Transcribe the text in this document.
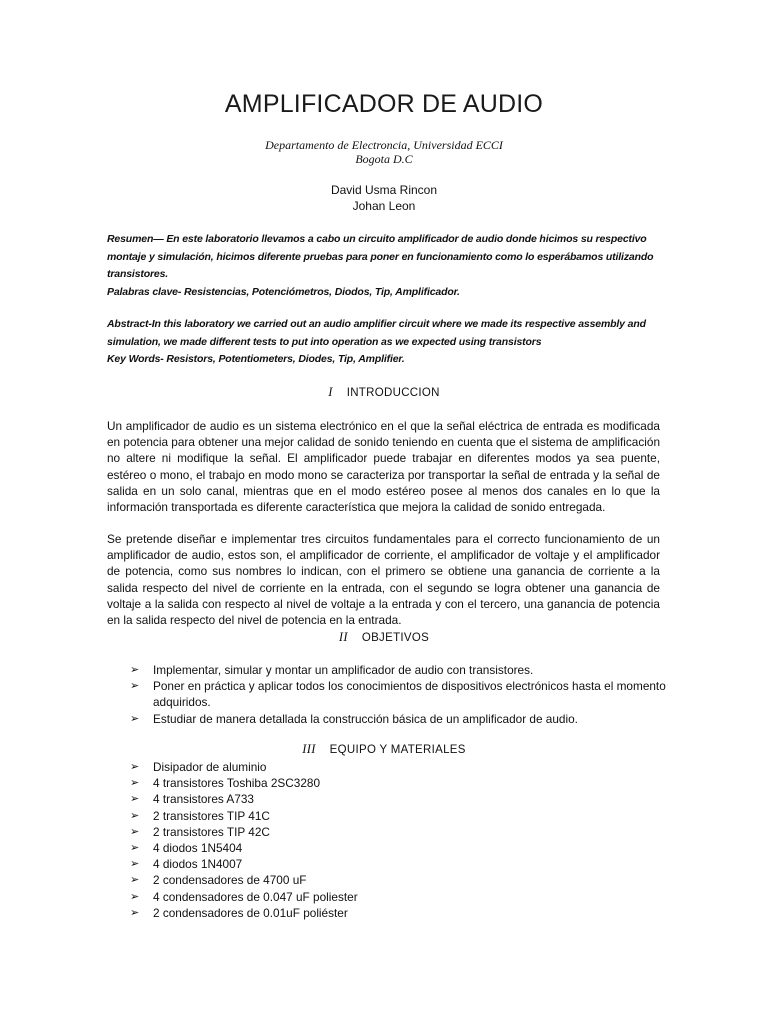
AMPLIFICADOR DE AUDIO
Departamento de Electroncia, Universidad ECCI
Bogota D.C
David Usma Rincon
Johan Leon

Resumen— En este laboratorio llevamos a cabo un circuito amplificador de audio donde hicimos su respectivo montaje y simulación, hicimos diferente pruebas para poner en funcionamiento como lo esperábamos utilizando transistores.

Palabras clave- Resistencias, Potenciómetros, Diodos, Tip, Amplificador.

Abstract-In this laboratory we carried out an audio amplifier circuit where we made its respective assembly and simulation, we made different tests to put into operation as we expected using transistors

Key Words- Resistors, Potentiometers, Diodes, Tip, Amplifier.

I INTRODUCCION

Un amplificador de audio es un sistema electrónico en el que la señal eléctrica de entrada es modificada en potencia para obtener una mejor calidad de sonido teniendo en cuenta que el sistema de amplificación no altere ni modifique la señal. El amplificador puede trabajar en diferentes modos ya sea puente, estéreo o mono, el trabajo en modo mono se caracteriza por transportar la señal de entrada y la señal de salida en un solo canal, mientras que en el modo estéreo posee al menos dos canales en lo que la información transportada es diferente característica que mejora la calidad de sonido entregada.

Se pretende diseñar e implementar tres circuitos fundamentales para el correcto funcionamiento de un amplificador de audio, estos son, el amplificador de corriente, el amplificador de voltaje y el amplificador de potencia, como sus nombres lo indican, con el primero se obtiene una ganancia de corriente a la salida respecto del nivel de corriente en la entrada, con el segundo se logra obtener una ganancia de voltaje a la salida con respecto al nivel de voltaje a la entrada y con el tercero, una ganancia de potencia en la salida respecto del nivel de potencia en la entrada.

II OBJETIVOS
➢ Implementar, simular y montar un amplificador de audio con transistores.
➢ Poner en práctica y aplicar todos los conocimientos de dispositivos electrónicos hasta el momento adquiridos.
➢ Estudiar de manera detallada la construcción básica de un amplificador de audio.
III EQUIPO Y MATERIALES
➢ Disipador de aluminio
➢ 4 transistores Toshiba 2SC3280
➢ 4 transistores A733
➢ 2 transistores TIP 41C
➢ 2 transistores TIP 42C
➢ 4 diodos 1N5404
➢ 4 diodos 1N4007
➢ 2 condensadores de 4700 uF
➢ 4 condensadores de 0.047 uF poliester
➢ 2 condensadores de 0.01uF poliéster
